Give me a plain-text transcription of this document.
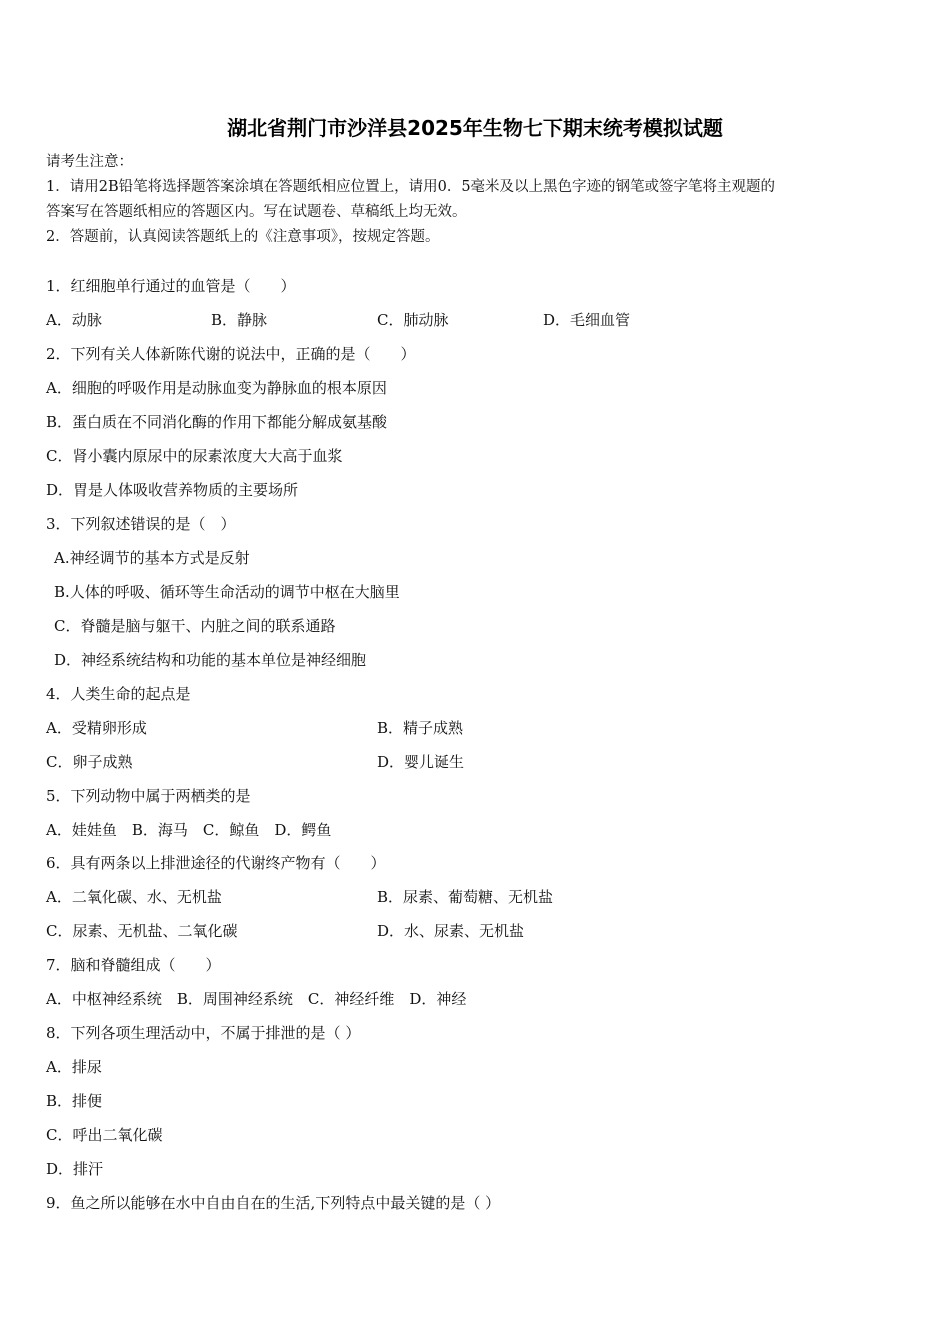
湖北省荆门市沙洋县2025年生物七下期末统考模拟试题
请考生注意：
1．请用2B铅笔将选择题答案涂填在答题纸相应位置上，请用0．5毫米及以上黑色字迹的钢笔或签字笔将主观题的
答案写在答题纸相应的答题区内。写在试题卷、草稿纸上均无效。
2．答题前，认真阅读答题纸上的《注意事项》，按规定答题。
1．红细胞单行通过的血管是（　　）
A．动脉	B．静脉	C．肺动脉	D．毛细血管
2．下列有关人体新陈代谢的说法中，正确的是（　　）
A．细胞的呼吸作用是动脉血变为静脉血的根本原因
B．蛋白质在不同消化酶的作用下都能分解成氨基酸
C．肾小囊内原尿中的尿素浓度大大高于血浆
D．胃是人体吸收营养物质的主要场所
3．下列叙述错误的是（　）
A.神经调节的基本方式是反射
B.人体的呼吸、循环等生命活动的调节中枢在大脑里
C．脊髓是脑与躯干、内脏之间的联系通路
D．神经系统结构和功能的基本单位是神经细胞
4．人类生命的起点是
A．受精卵形成	B．精子成熟
C．卵子成熟	D．婴儿诞生
5．下列动物中属于两栖类的是
A．娃娃鱼　B．海马　C．鲸鱼　D．鳄鱼
6．具有两条以上排泄途径的代谢终产物有（　　）
A．二氧化碳、水、无机盐	B．尿素、葡萄糖、无机盐
C．尿素、无机盐、二氧化碳	D．水、尿素、无机盐
7．脑和脊髓组成（　　）
A．中枢神经系统　B．周围神经系统　C．神经纤维　D．神经
8．下列各项生理活动中，不属于排泄的是（ ）
A．排尿
B．排便
C．呼出二氧化碳
D．排汗
9．鱼之所以能够在水中自由自在的生活,下列特点中最关键的是（ ）
